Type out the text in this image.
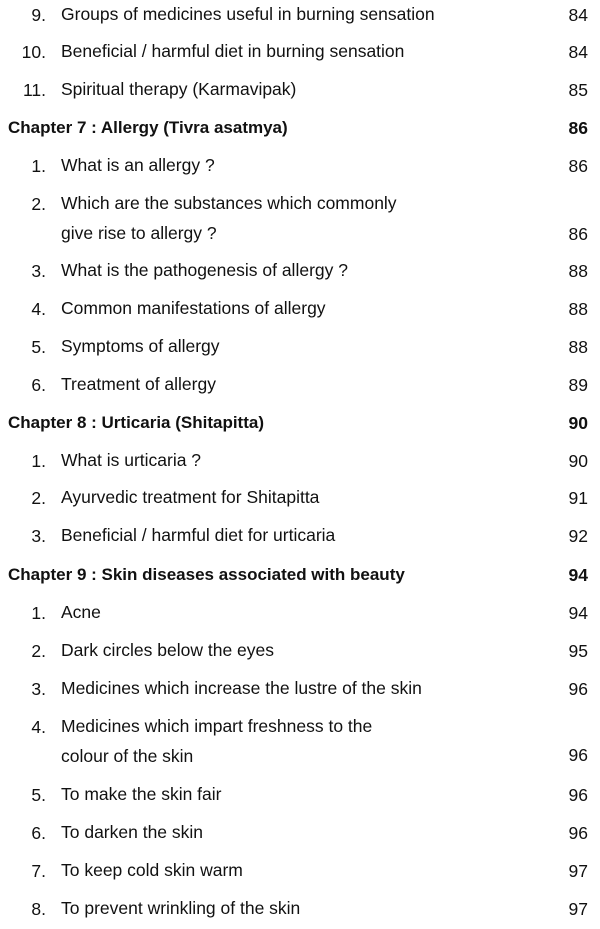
9. Groups of medicines useful in burning sensation	84
10. Beneficial / harmful diet in burning sensation	84
11. Spiritual therapy (Karmavipak)	85
Chapter 7 : Allergy (Tivra asatmya)	86
1. What is an allergy ?	86
2. Which are the substances which commonly
give rise to allergy ?	86
3. What is the pathogenesis of allergy ?	88
4. Common manifestations of allergy	88
5. Symptoms of allergy	88
6. Treatment of allergy	89
Chapter 8 : Urticaria (Shitapitta)	90
1. What is urticaria ?	90
2. Ayurvedic treatment for Shitapitta	91
3. Beneficial / harmful diet for urticaria	92
Chapter 9 : Skin diseases associated with beauty	94
1. Acne	94
2. Dark circles below the eyes	95
3. Medicines which increase the lustre of the skin	96
4. Medicines which impart freshness to the
colour of the skin	96
5. To make the skin fair	96
6. To darken the skin	96
7. To keep cold skin warm	97
8. To prevent wrinkling of the skin	97
